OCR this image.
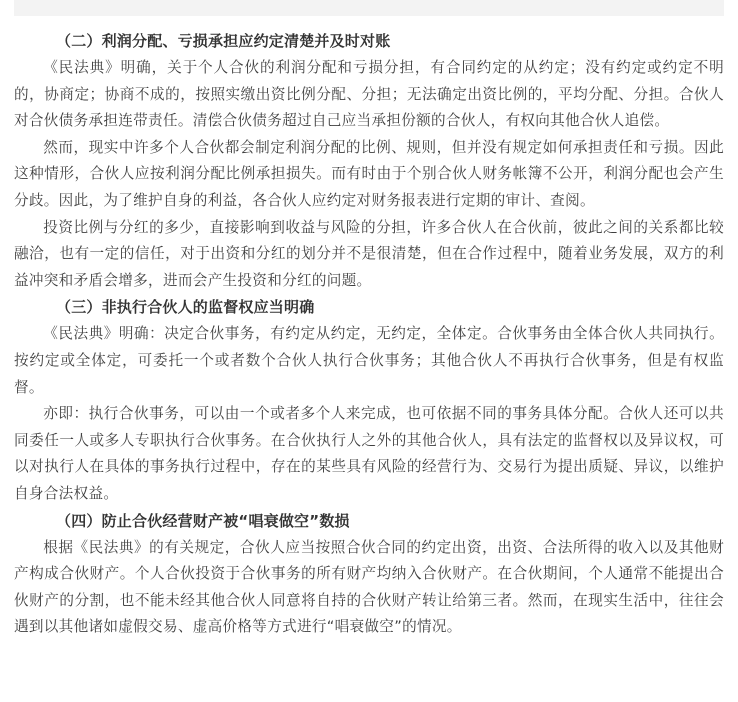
（二）利润分配、亏损承担应约定清楚并及时对账

《民法典》明确，关于个人合伙的利润分配和亏损分担，有合同约定的从约定；没有约定或约定不明的，协商定；协商不成的，按照实缴出资比例分配、分担；无法确定出资比例的，平均分配、分担。合伙人对合伙债务承担连带责任。清偿合伙债务超过自己应当承担份额的合伙人，有权向其他合伙人追偿。

然而，现实中许多个人合伙都会制定利润分配的比例、规则，但并没有规定如何承担责任和亏损。因此这种情形，合伙人应按利润分配比例承担损失。而有时由于个别合伙人财务帐簿不公开，利润分配也会产生分歧。因此，为了维护自身的利益，各合伙人应约定对财务报表进行定期的审计、查阅。

投资比例与分红的多少，直接影响到收益与风险的分担，许多合伙人在合伙前，彼此之间的关系都比较融洽，也有一定的信任，对于出资和分红的划分并不是很清楚，但在合作过程中，随着业务发展，双方的利益冲突和矛盾会增多，进而会产生投资和分红的问题。

（三）非执行合伙人的监督权应当明确

《民法典》明确：决定合伙事务，有约定从约定，无约定，全体定。合伙事务由全体合伙人共同执行。按约定或全体定，可委托一个或者数个合伙人执行合伙事务；其他合伙人不再执行合伙事务，但是有权监督。

亦即：执行合伙事务，可以由一个或者多个人来完成，也可依据不同的事务具体分配。合伙人还可以共同委任一人或多人专职执行合伙事务。在合伙执行人之外的其他合伙人，具有法定的监督权以及异议权，可以对执行人在具体的事务执行过程中，存在的某些具有风险的经营行为、交易行为提出质疑、异议，以维护自身合法权益。

（四）防止合伙经营财产被“唱衰做空”数损

根据《民法典》的有关规定，合伙人应当按照合伙合同的约定出资，出资、合法所得的收入以及其他财产构成合伙财产。个人合伙投资于合伙事务的所有财产均纳入合伙财产。在合伙期间，个人通常不能提出合伙财产的分割，也不能未经其他合伙人同意将自持的合伙财产转让给第三者。然而，在现实生活中，往往会遇到以其他诸如虚假交易、虚高价格等方式进行“唱衰做空”的情况。
